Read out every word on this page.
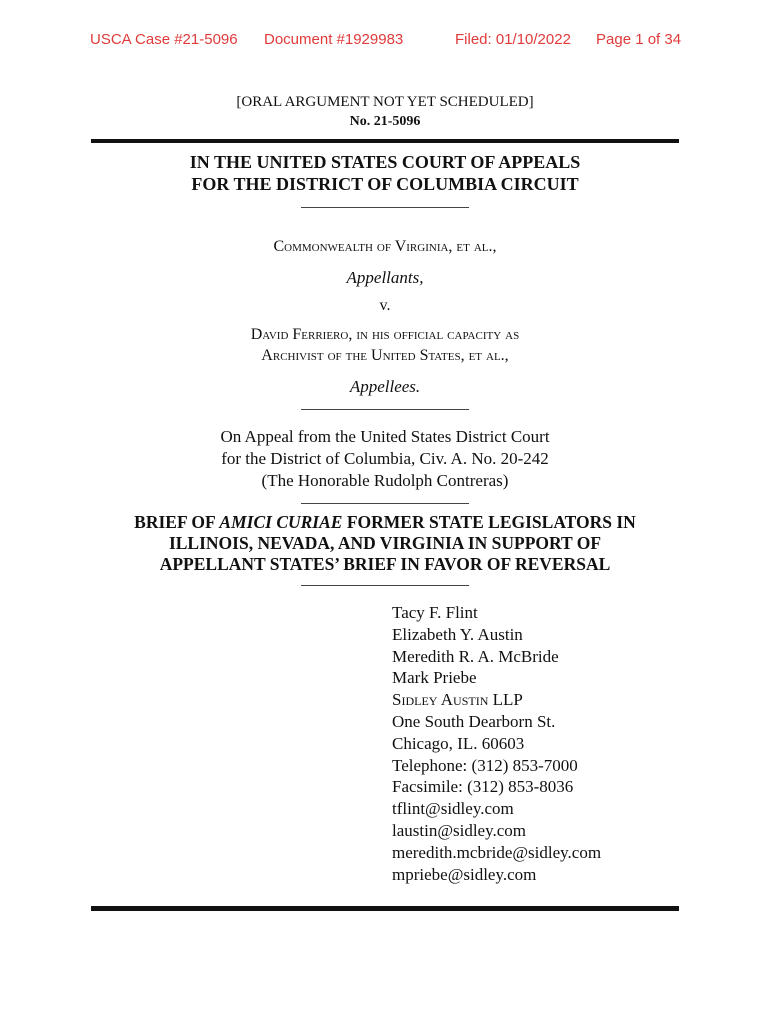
USCA Case #21-5096 Document #1929983	Filed: 01/10/2022 Page 1 of 34
[ORAL ARGUMENT NOT YET SCHEDULED]
No. 21-5096
IN THE UNITED STATES COURT OF APPEALS
FOR THE DISTRICT OF COLUMBIA CIRCUIT
Commonwealth of Virginia, et al.,
Appellants,
v.
David Ferriero, in his official capacity as
Archivist of the United States, et al.,
Appellees.
On Appeal from the United States District Court
for the District of Columbia, Civ. A. No. 20-242
(The Honorable Rudolph Contreras)
BRIEF OF AMICI CURIAE FORMER STATE LEGISLATORS IN
ILLINOIS, NEVADA, AND VIRGINIA IN SUPPORT OF
APPELLANT STATES’ BRIEF IN FAVOR OF REVERSAL
Tacy F. Flint
Elizabeth Y. Austin
Meredith R. A. McBride
Mark Priebe
Sidley Austin LLP
One South Dearborn St.
Chicago, IL. 60603
Telephone: (312) 853-7000
Facsimile: (312) 853-8036
tflint@sidley.com
laustin@sidley.com
meredith.mcbride@sidley.com
mpriebe@sidley.com
